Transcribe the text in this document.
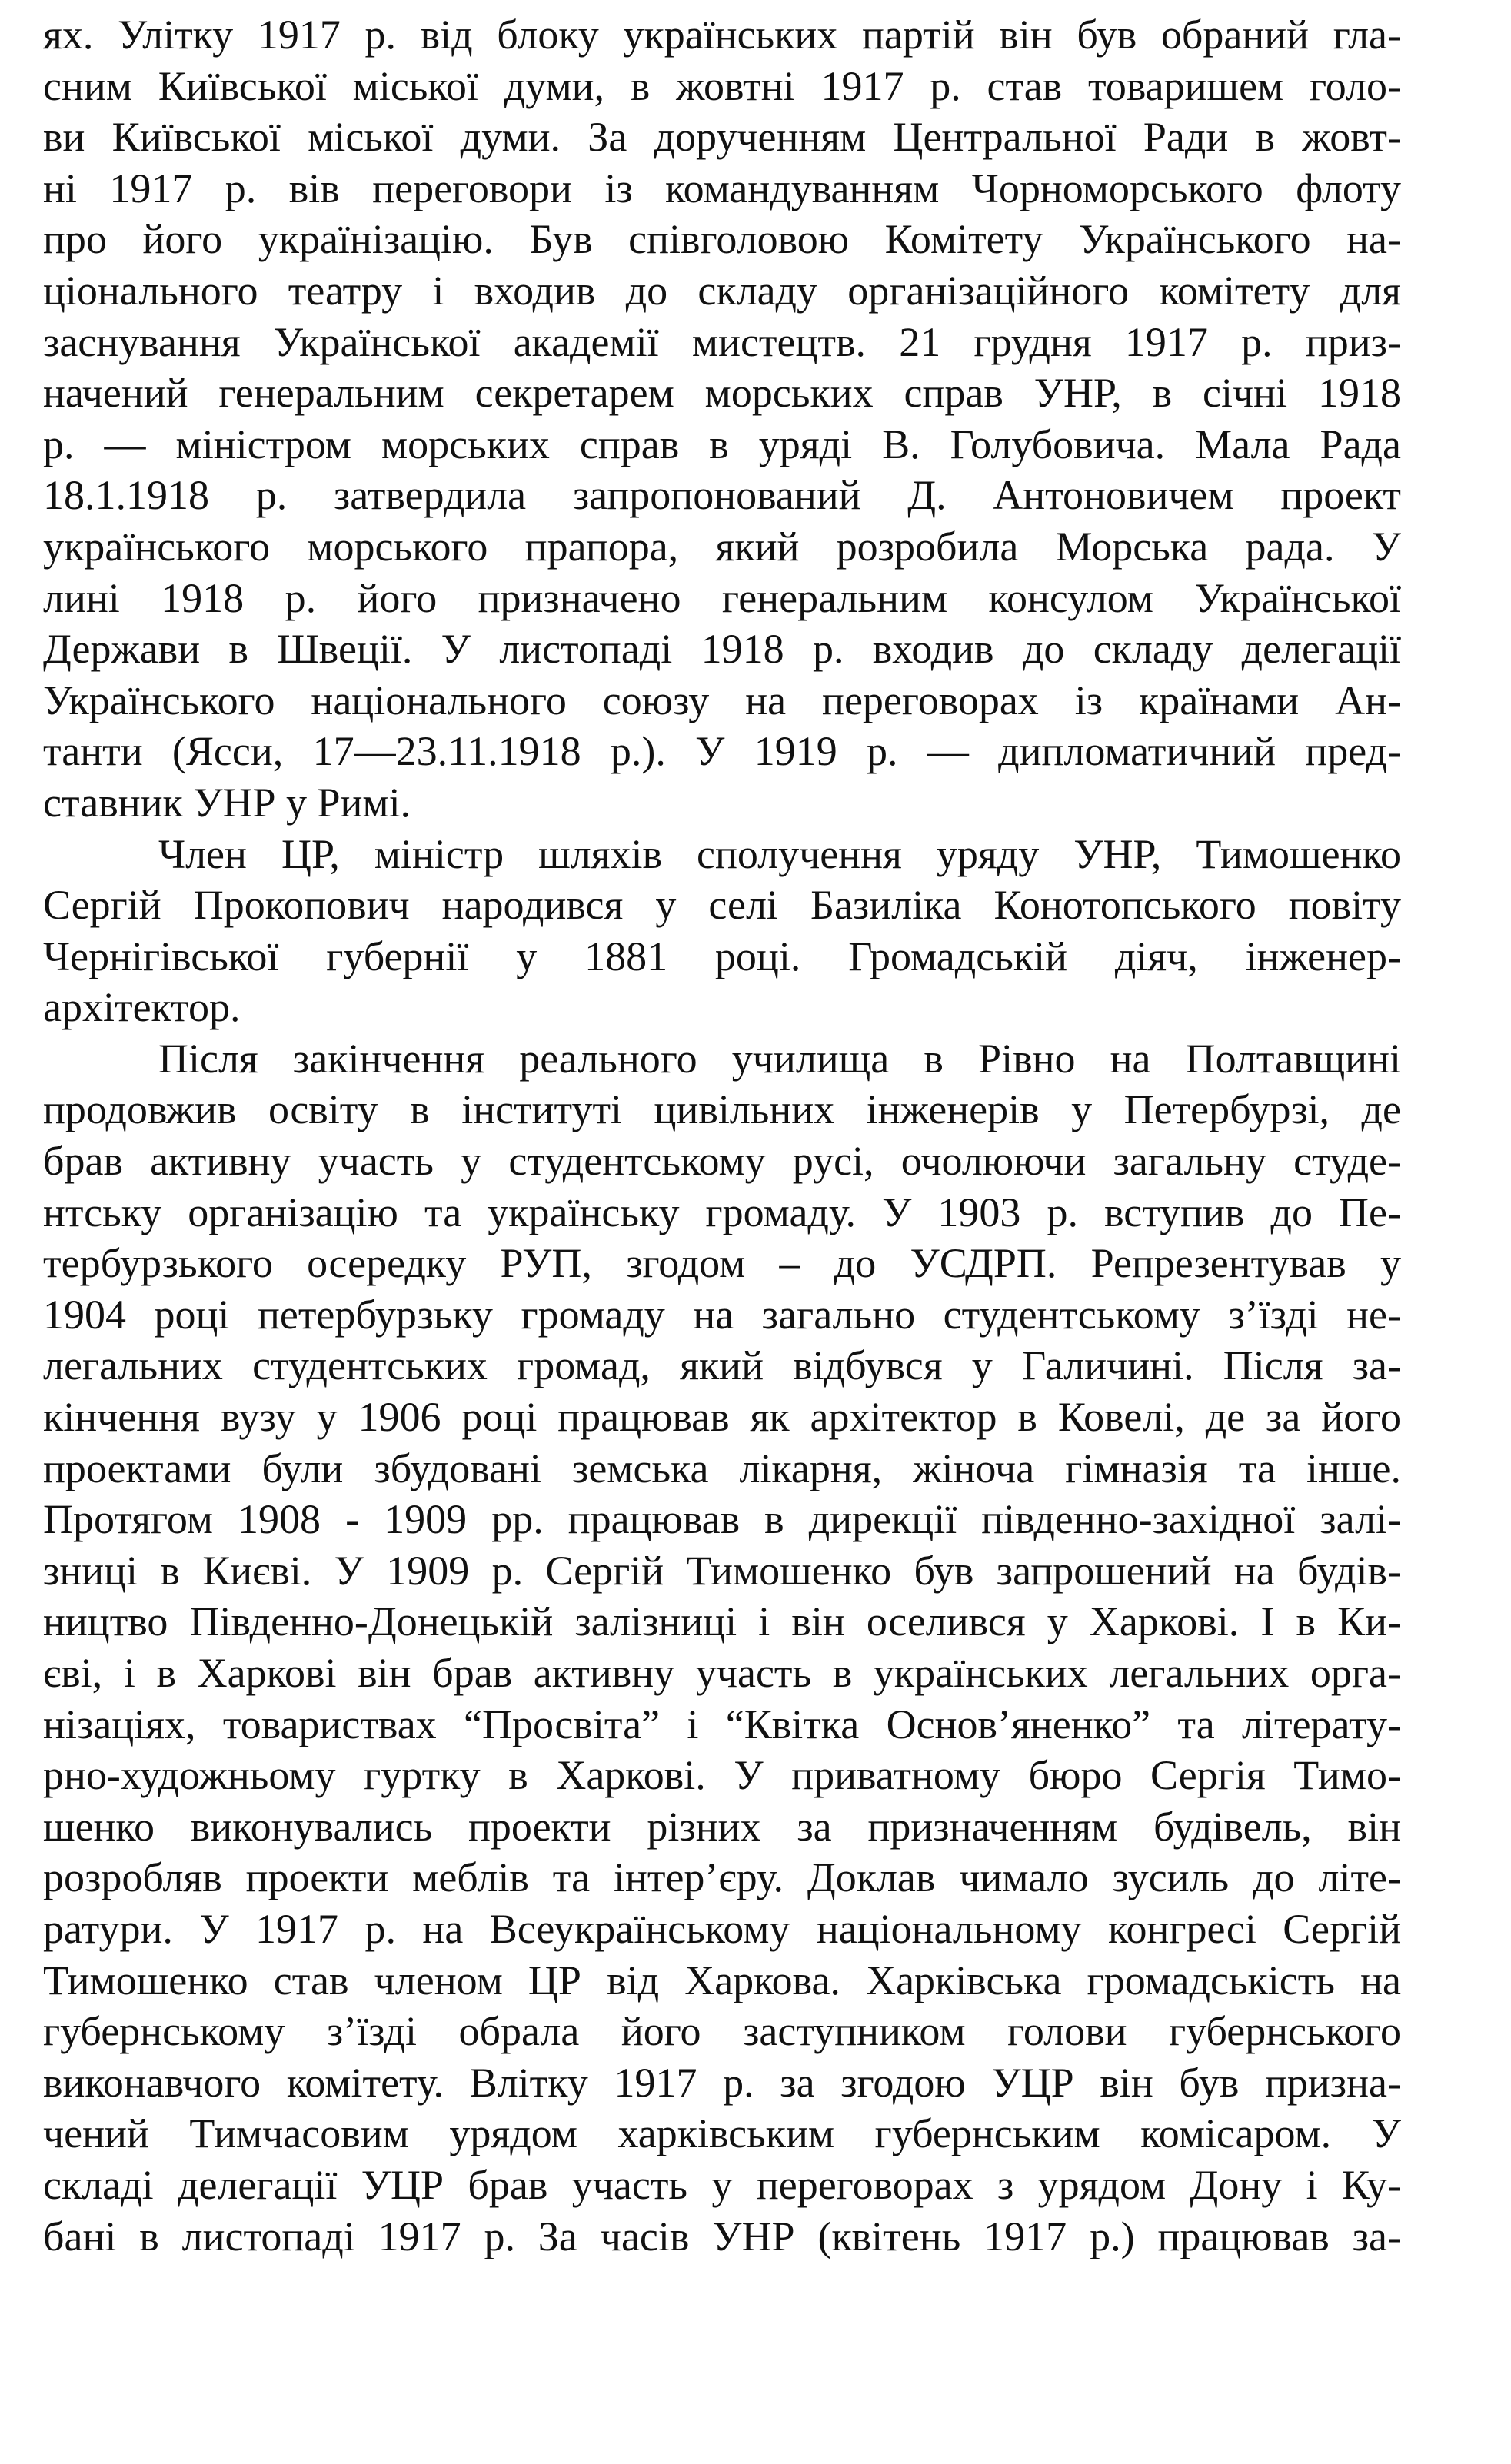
ях. Улітку 1917 р. від блоку українських партій він був обраний гла-
сним Київської міської думи, в жовтні 1917 р. став товаришем голо-
ви Київської міської думи. За дорученням Центральної Ради в жовт-
ні 1917 р. вів переговори із командуванням Чорноморського флоту
про його українізацію. Був співголовою Комітету Українського на-
ціонального театру і входив до складу організаційного комітету для
заснування Української академії мистецтв. 21 грудня 1917 р. приз-
начений генеральним секретарем морських справ УНР, в січні 1918
р. — міністром морських справ в уряді В. Голубовича. Мала Рада
18.1.1918 р. затвердила запропонований Д. Антоновичем проект
українського морського прапора, який розробила Морська рада. У
лині 1918 р. його призначено генеральним консулом Української
Держави в Швеції. У листопаді 1918 р. входив до складу делегації
Українського національного союзу на переговорах із країнами Ан-
танти (Ясси, 17—23.11.1918 р.). У 1919 р. — дипломатичний пред-
ставник УНР у Римі.
Член ЦР, міністр шляхів сполучення уряду УНР, Тимошенко
Сергій Прокопович народився у селі Базиліка Конотопського повіту
Чернігівської губернії у 1881 році. Громадській діяч, інженер-
архітектор.
Після закінчення реального училища в Рівно на Полтавщині
продовжив освіту в інституті цивільних інженерів у Петербурзі, де
брав активну участь у студентському русі, очолюючи загальну студе-
нтську організацію та українську громаду. У 1903 р. вступив до Пе-
тербурзького осередку РУП, згодом – до УСДРП. Репрезентував у
1904 році петербурзьку громаду на загально студентському з’їзді не-
легальних студентських громад, який відбувся у Галичині. Після за-
кінчення вузу у 1906 році працював як архітектор в Ковелі, де за його
проектами були збудовані земська лікарня, жіноча гімназія та інше.
Протягом 1908 - 1909 рр. працював в дирекції південно-західної залі-
зниці в Києві. У 1909 р. Сергій Тимошенко був запрошений на будів-
ництво Південно-Донецькій залізниці і він оселився у Харкові. І в Ки-
єві, і в Харкові він брав активну участь в українських легальних орга-
нізаціях, товариствах “Просвіта” і “Квітка Основ’яненко” та літерату-
рно-художньому гуртку в Харкові. У приватному бюро Сергія Тимо-
шенко виконувались проекти різних за призначенням будівель, він
розробляв проекти меблів та інтер’єру. Доклав чимало зусиль до літе-
ратури. У 1917 р. на Всеукраїнському національному конгресі Сергій
Тимошенко став членом ЦР від Харкова. Харківська громадськість на
губернському з’їзді обрала його заступником голови губернського
виконавчого комітету. Влітку 1917 р. за згодою УЦР він був призна-
чений Тимчасовим урядом харківським губернським комісаром. У
складі делегації УЦР брав участь у переговорах з урядом Дону і Ку-
бані в листопаді 1917 р. За часів УНР (квітень 1917 р.) працював за-
